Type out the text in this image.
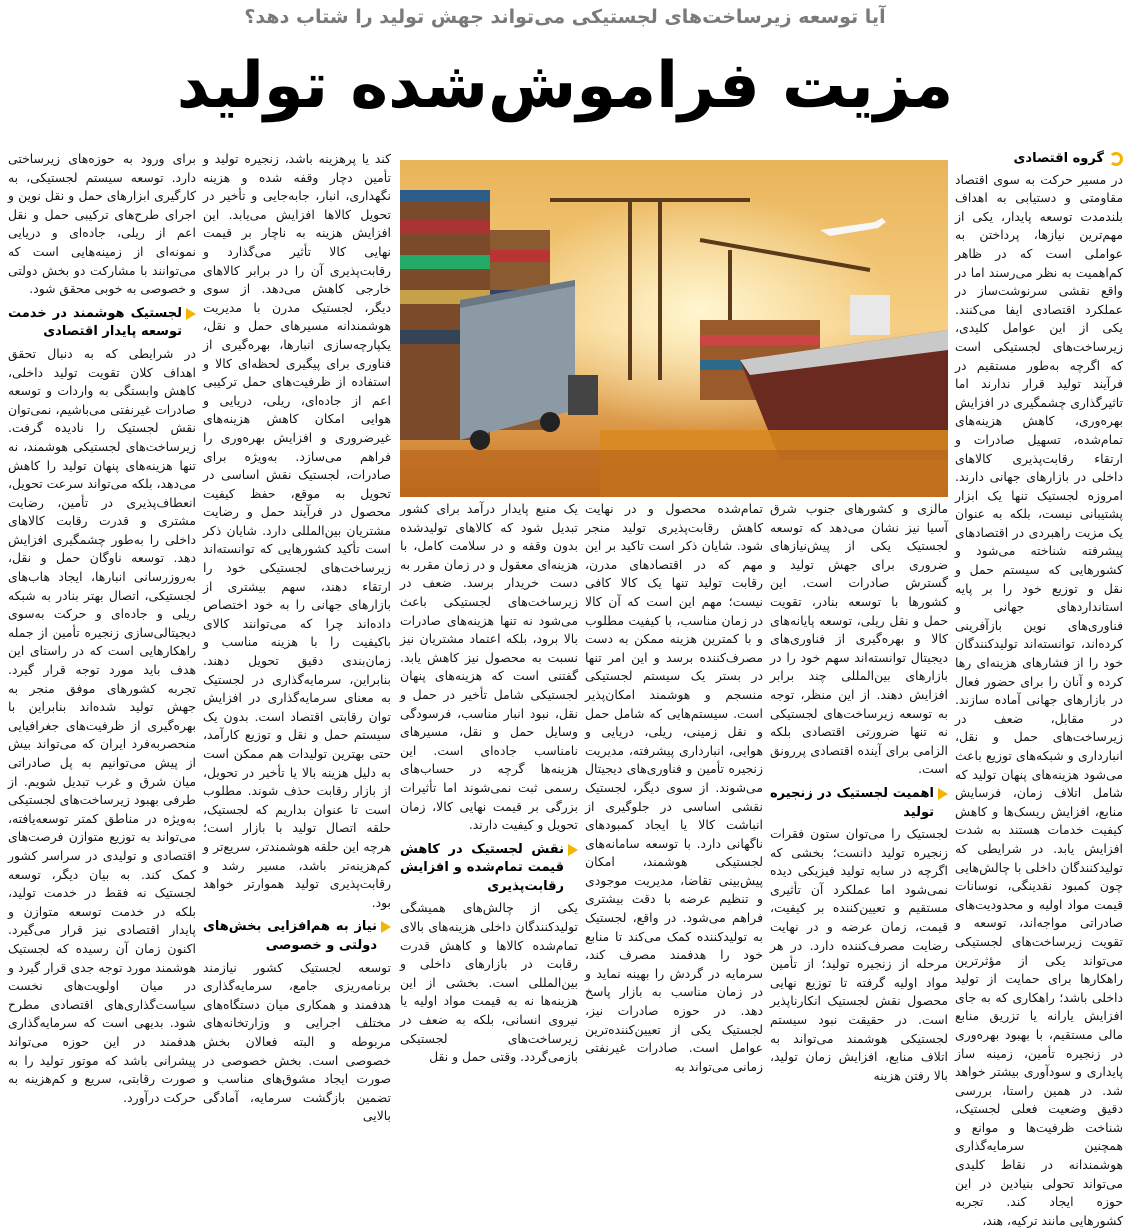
آیا توسعه زیرساخت‌های لجستیکی می‌تواند جهش تولید را شتاب دهد؟
مزیت فراموش‌شده تولید

گروه اقتصادی

در مسیر حرکت به سوی اقتصاد مقاومتی و دستیابی به اهداف بلندمدت توسعه پایدار، یکی از مهم‌ترین نیازها، پرداختن به عواملی است که در ظاهر کم‌اهمیت به نظر می‌رسند اما در واقع نقشی سرنوشت‌ساز در عملکرد اقتصادی ایفا می‌کنند. یکی از این عوامل کلیدی، زیرساخت‌های لجستیکی است که اگرچه به‌طور مستقیم در فرآیند تولید قرار ندارند اما تاثیرگذاری چشمگیری در افزایش بهره‌وری، کاهش هزینه‌های تمام‌شده، تسهیل صادرات و ارتقاء رقابت‌پذیری کالاهای داخلی در بازارهای جهانی دارند. امروزه لجستیک تنها یک ابزار پشتیبانی نیست، بلکه به عنوان یک مزیت راهبردی در اقتصادهای پیشرفته شناخته می‌شود و کشورهایی که سیستم حمل و نقل و توزیع خود را بر پایه استانداردهای جهانی و فناوری‌های نوین بازآفرینی کرده‌اند، توانسته‌اند تولیدکنندگان خود را از فشارهای هزینه‌ای رها کرده و آنان را برای حضور فعال در بازارهای جهانی آماده سازند. در مقابل، ضعف در زیرساخت‌های حمل و نقل، انبارداری و شبکه‌های توزیع باعث می‌شود هزینه‌های پنهان تولید که شامل اتلاف زمان، فرسایش منابع، افزایش ریسک‌ها و کاهش کیفیت خدمات هستند به شدت افزایش یابد. در شرایطی که تولیدکنندگان داخلی با چالش‌هایی چون کمبود نقدینگی، نوسانات قیمت مواد اولیه و محدودیت‌های صادراتی مواجه‌اند، توسعه و تقویت زیرساخت‌های لجستیکی می‌تواند یکی از مؤثرترین راهکارها برای حمایت از تولید داخلی باشد؛ راهکاری که به جای افزایش یارانه یا تزریق منابع مالی مستقیم، با بهبود بهره‌وری در زنجیره تأمین، زمینه ساز پایداری و سودآوری بیشتر خواهد شد. در همین راستا، بررسی دقیق وضعیت فعلی لجستیک، شناخت ظرفیت‌ها و موانع و همچنین سرمایه‌گذاری هوشمندانه در نقاط کلیدی می‌تواند تحولی بنیادین در این حوزه ایجاد کند. تجربه کشورهایی مانند ترکیه، هند،

مالزی و کشورهای جنوب شرق آسیا نیز نشان می‌دهد که توسعه لجستیک یکی از پیش‌نیازهای ضروری برای جهش تولید و گسترش صادرات است. این کشورها با توسعه بنادر، تقویت حمل و نقل ریلی، توسعه پایانه‌های کالا و بهره‌گیری از فناوری‌های دیجیتال توانسته‌اند سهم خود را در بازارهای بین‌المللی چند برابر افزایش دهند. از این منظر، توجه به توسعه زیرساخت‌های لجستیکی نه تنها ضرورتی اقتصادی بلکه الزامی برای آینده اقتصادی پررونق است.

اهمیت لجستیک در زنجیره تولید

لجستیک را می‌توان ستون فقرات زنجیره تولید دانست؛ بخشی که اگرچه در سایه تولید فیزیکی دیده نمی‌شود اما عملکرد آن تأثیری مستقیم و تعیین‌کننده بر کیفیت، قیمت، زمان عرضه و در نهایت رضایت مصرف‌کننده دارد. در هر مرحله از زنجیره تولید؛ از تأمین مواد اولیه گرفته تا توزیع نهایی محصول نقش لجستیک انکارناپذیر است. در حقیقت نبود سیستم لجستیکی هوشمند می‌تواند به اتلاف منابع، افزایش زمان تولید، بالا رفتن هزینه

تمام‌شده محصول و در نهایت کاهش رقابت‌پذیری تولید منجر شود. شایان ذکر است تاکید بر این مهم که در اقتصادهای مدرن، رقابت تولید تنها یک کالا کافی نیست؛ مهم این است که آن کالا در زمان مناسب، با کیفیت مطلوب و با کمترین هزینه ممکن به دست مصرف‌کننده برسد و این امر تنها در بستر یک سیستم لجستیکی منسجم و هوشمند امکان‌پذیر است. سیستم‌هایی که شامل حمل و نقل زمینی، ریلی، دریایی و هوایی، انبارداری پیشرفته، مدیریت زنجیره تأمین و فناوری‌های دیجیتال می‌شوند. از سوی دیگر، لجستیک نقشی اساسی در جلوگیری از انباشت کالا یا ایجاد کمبودهای ناگهانی دارد. با توسعه سامانه‌های لجستیکی هوشمند، امکان پیش‌بینی تقاضا، مدیریت موجودی و تنظیم عرضه با دقت بیشتری فراهم می‌شود. در واقع، لجستیک به تولیدکننده کمک می‌کند تا منابع خود را هدفمند مصرف کند، سرمایه در گردش را بهینه نماید و در زمان مناسب به بازار پاسخ دهد. در حوزه صادرات نیز، لجستیک یکی از تعیین‌کننده‌ترین عوامل است. صادرات غیرنفتی زمانی می‌تواند به

یک منبع پایدار درآمد برای کشور تبدیل شود که کالاهای تولیدشده بدون وقفه و در سلامت کامل، با هزینه‌ای معقول و در زمان مقرر به دست خریدار برسد. ضعف در زیرساخت‌های لجستیکی باعث می‌شود نه تنها هزینه‌های صادرات بالا برود، بلکه اعتماد مشتریان نیز نسبت به محصول نیز کاهش یابد. گفتنی است که هزینه‌های پنهان لجستیکی شامل تأخیر در حمل و نقل، نبود انبار مناسب، فرسودگی وسایل حمل و نقل، مسیرهای نامناسب جاده‌ای است. این هزینه‌ها گرچه در حساب‌های رسمی ثبت نمی‌شوند اما تأثیرات بزرگی بر قیمت نهایی کالا، زمان تحویل و کیفیت دارند.

نقش لجستیک در کاهش قیمت تمام‌شده و افزایش رقابت‌پذیری

یکی از چالش‌های همیشگی تولیدکنندگان داخلی هزینه‌های بالای تمام‌شده کالاها و کاهش قدرت رقابت در بازارهای داخلی و بین‌المللی است. بخشی از این هزینه‌ها نه به قیمت مواد اولیه یا نیروی انسانی، بلکه به ضعف در زیرساخت‌های لجستیکی بازمی‌گردد. وقتی حمل و نقل

کند یا پرهزینه باشد، زنجیره تولید و تأمین دچار وقفه شده و هزینه نگهداری، انبار، جابه‌جایی و تأخیر در تحویل کالاها افزایش می‌یابد. این افزایش هزینه به ناچار بر قیمت نهایی کالا تأثیر می‌گذارد و رقابت‌پذیری آن را در برابر کالاهای خارجی کاهش می‌دهد. از سوی دیگر، لجستیک مدرن با مدیریت هوشمندانه مسیرهای حمل و نقل، یکپارچه‌سازی انبارها، بهره‌گیری از فناوری برای پیگیری لحظه‌ای کالا و استفاده از ظرفیت‌های حمل ترکیبی اعم از جاده‌ای، ریلی، دریایی و هوایی امکان کاهش هزینه‌های غیرضروری و افزایش بهره‌وری را فراهم می‌سازد. به‌ویژه برای صادرات، لجستیک نقش اساسی در تحویل به موقع، حفظ کیفیت محصول در فرآیند حمل و رضایت مشتریان بین‌المللی دارد. شایان ذکر است تأکید کشورهایی که توانسته‌اند زیرساخت‌های لجستیکی خود را ارتقاء دهند، سهم بیشتری از بازارهای جهانی را به خود اختصاص داده‌اند چرا که می‌توانند کالای باکیفیت را با هزینه مناسب و زمان‌بندی دقیق تحویل دهند. بنابراین، سرمایه‌گذاری در لجستیک به معنای سرمایه‌گذاری در افزایش توان رقابتی اقتصاد است. بدون یک سیستم حمل و نقل و توزیع کارآمد، حتی بهترین تولیدات هم ممکن است به دلیل هزینه بالا یا تأخیر در تحویل، از بازار رقابت حذف شوند. مطلوب است تا عنوان بداریم که لجستیک، حلقه اتصال تولید با بازار است؛ هرچه این حلقه هوشمندتر، سریع‌تر و کم‌هزینه‌تر باشد، مسیر رشد و رقابت‌پذیری تولید هموارتر خواهد بود.

نیاز به هم‌افزایی بخش‌های دولتی و خصوصی

توسعه لجستیک کشور نیازمند برنامه‌ریزی جامع، سرمایه‌گذاری هدفمند و همکاری میان دستگاه‌های مختلف اجرایی و وزارتخانه‌های مربوطه و البته فعالان بخش خصوصی است. بخش خصوصی در صورت ایجاد مشوق‌های مناسب و تضمین بازگشت سرمایه، آمادگی بالایی

برای ورود به حوزه‌های زیرساختی دارد. توسعه سیستم لجستیکی، به کارگیری ابزارهای حمل و نقل نوین و اجرای طرح‌های ترکیبی حمل و نقل اعم از ریلی، جاده‌ای و دریایی نمونه‌ای از زمینه‌هایی است که می‌توانند با مشارکت دو بخش دولتی و خصوصی به خوبی محقق شود.

لجستیک هوشمند در خدمت توسعه پایدار اقتصادی

در شرایطی که به دنبال تحقق اهداف کلان تقویت تولید داخلی، کاهش وابستگی به واردات و توسعه صادرات غیرنفتی می‌باشیم، نمی‌توان نقش لجستیک را نادیده گرفت. زیرساخت‌های لجستیکی هوشمند، نه تنها هزینه‌های پنهان تولید را کاهش می‌دهد، بلکه می‌تواند سرعت تحویل، انعطاف‌پذیری در تأمین، رضایت مشتری و قدرت رقابت کالاهای داخلی را به‌طور چشمگیری افزایش دهد. توسعه ناوگان حمل و نقل، به‌روزرسانی انبارها، ایجاد هاب‌های لجستیکی، اتصال بهتر بنادر به شبکه ریلی و جاده‌ای و حرکت به‌سوی دیجیتالی‌سازی زنجیره تأمین از جمله راهکارهایی است که در راستای این هدف باید مورد توجه قرار گیرد. تجربه کشورهای موفق منجر به جهش تولید شده‌اند بنابراین با بهره‌گیری از ظرفیت‌های جغرافیایی منحصربه‌فرد ایران که می‌تواند بیش از پیش می‌توانیم به پل صادراتی میان شرق و غرب تبدیل شویم. از طرفی بهبود زیرساخت‌های لجستیکی به‌ویژه در مناطق کمتر توسعه‌یافته، می‌تواند به توزیع متوازن فرصت‌های اقتصادی و تولیدی در سراسر کشور کمک کند. به بیان دیگر، توسعه لجستیک نه فقط در خدمت تولید، بلکه در خدمت توسعه متوازن و پایدار اقتصادی نیز قرار می‌گیرد. اکنون زمان آن رسیده که لجستیک هوشمند مورد توجه جدی قرار گیرد و در میان اولویت‌های نخست سیاست‌گذاری‌های اقتصادی مطرح شود. بدیهی است که سرمایه‌گذاری هدفمند در این حوزه می‌تواند پیشرانی باشد که موتور تولید را به صورت رقابتی، سریع و کم‌هزینه به حرکت درآورد.
